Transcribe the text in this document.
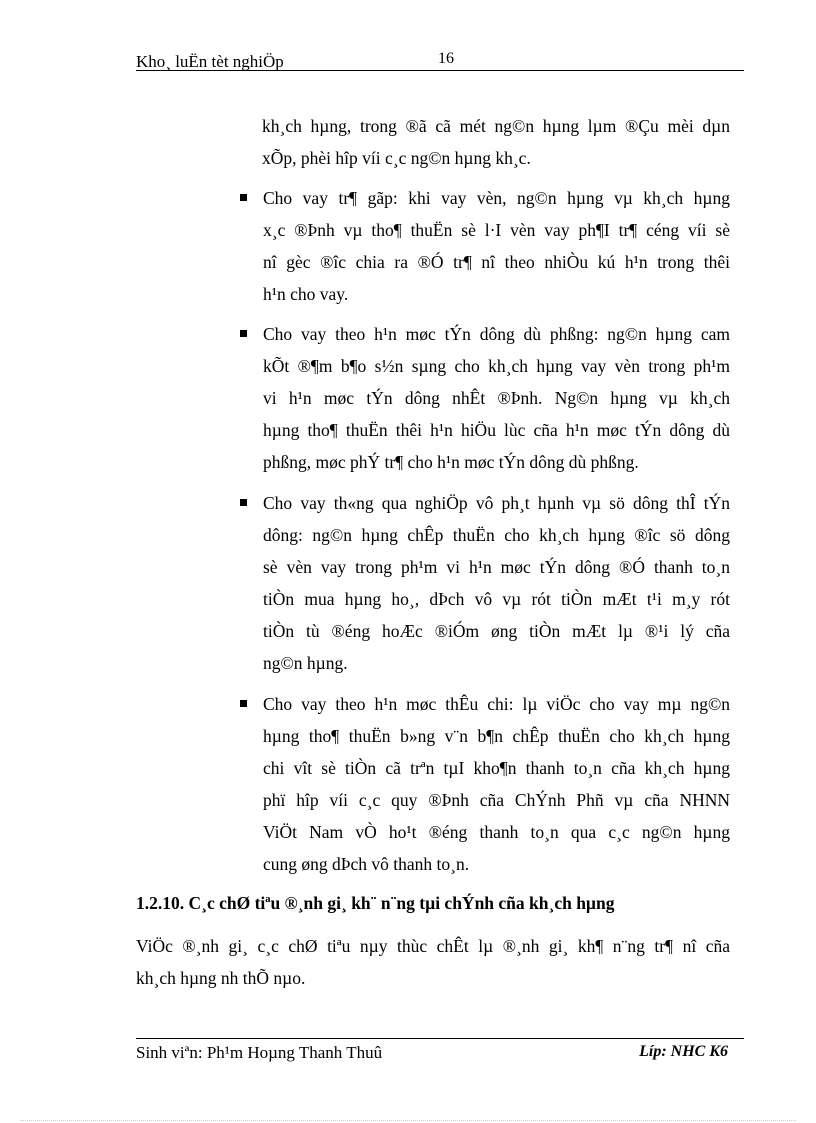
Kho¸ luËn tèt nghiÖp	16
kh¸ch hµng, trong ®ã cã mét ng©n hµng lµm ®Çu mèi dµn
xÕp, phèi hîp víi c¸c ng©n hµng kh¸c.
Cho vay tr¶ gãp: khi vay vèn, ng©n hµng vµ kh¸ch hµng
x¸c ®Þnh vµ tho¶ thuËn sè l·I vèn vay ph¶I tr¶ céng víi sè
nî gèc ®îc chia ra ®Ó tr¶ nî theo nhiÒu kú h¹n trong thêi
h¹n cho vay.
Cho vay theo h¹n møc tÝn dông dù phßng: ng©n hµng cam
kÕt ®¶m b¶o s½n sµng cho kh¸ch hµng vay vèn trong ph¹m
vi h¹n møc tÝn dông nhÊt ®Þnh. Ng©n hµng vµ kh¸ch
hµng tho¶ thuËn thêi h¹n hiÖu lùc cña h¹n møc tÝn dông dù
phßng, møc phÝ tr¶ cho h¹n møc tÝn dông dù phßng.
Cho vay th«ng qua nghiÖp vô ph¸t hµnh vµ sö dông thÎ tÝn
dông: ng©n hµng chÊp thuËn cho kh¸ch hµng ®îc sö dông
sè vèn vay trong ph¹m vi h¹n møc tÝn dông ®Ó thanh to¸n
tiÒn mua hµng ho¸, dÞch vô vµ rót tiÒn mÆt t¹i m¸y rót
tiÒn tù ®éng hoÆc ®iÓm øng tiÒn mÆt lµ ®¹i lý cña
ng©n hµng.
Cho vay theo h¹n møc thÊu chi: lµ viÖc cho vay mµ ng©n
hµng tho¶ thuËn b»ng v¨n b¶n chÊp thuËn cho kh¸ch hµng
chi vît sè tiÒn cã trªn tµI kho¶n thanh to¸n cña kh¸ch hµng
phï hîp víi c¸c quy ®Þnh cña ChÝnh Phñ vµ cña NHNN
ViÖt Nam vÒ ho¹t ®éng thanh to¸n qua c¸c ng©n hµng
cung øng dÞch vô thanh to¸n.
1.2.10. C¸c chØ tiªu ®¸nh gi¸ kh¨ n¨ng tµi chÝnh cña kh¸ch hµng
ViÖc ®¸nh gi¸ c¸c chØ tiªu nµy thùc chÊt lµ ®¸nh gi¸ kh¶ n¨ng tr¶ nî cña
kh¸ch hµng nh thÕ nµo.
Sinh viªn: Ph¹m Hoµng Thanh Thuû	Líp: NHC K6
